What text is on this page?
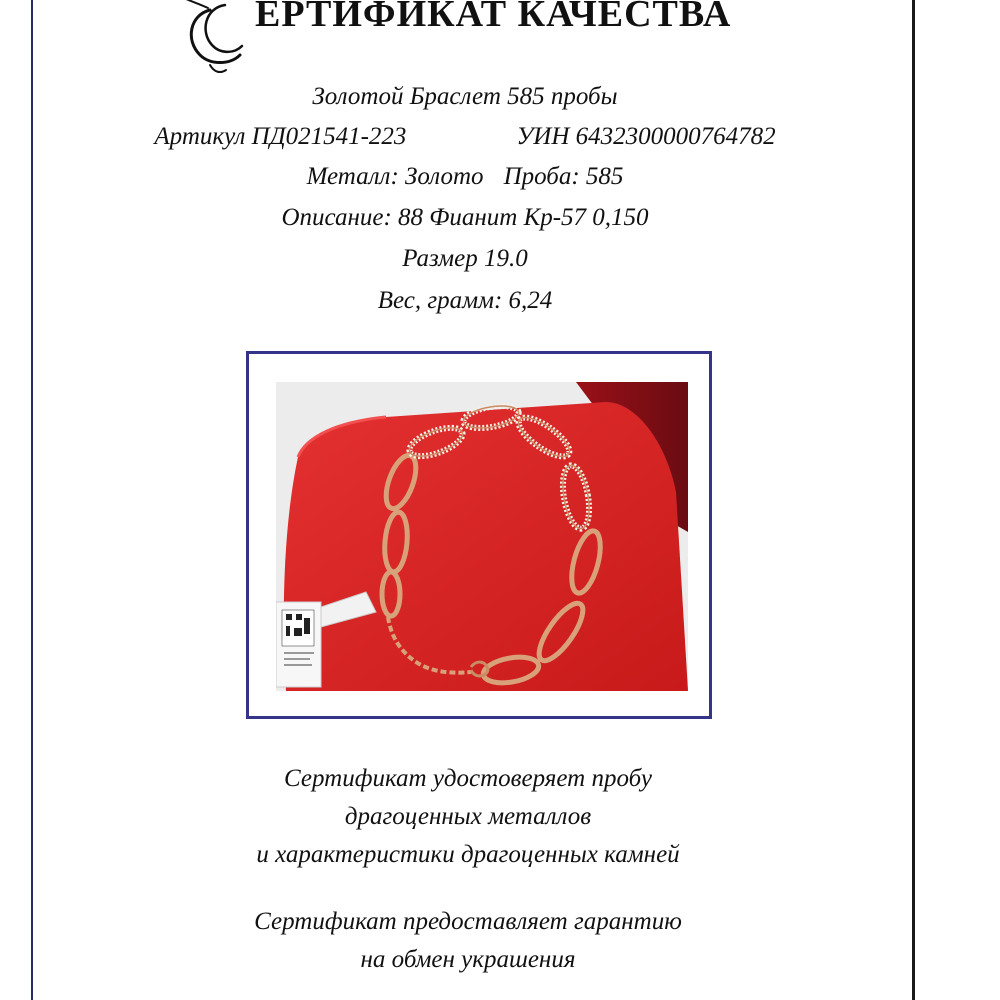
ЕРТИФИКАТ КАЧЕСТВА
Золотой Браслет 585 пробы
Артикул ПД021541-223	УИН 6432300000764782
Металл: Золото Проба: 585
Описание: 88 Фианит Кр-57 0,150
Размер 19.0
Вес, грамм: 6,24
Сертификат удостоверяет пробу
драгоценных металлов
и характеристики драгоценных камней
Сертификат предоставляет гарантию
на обмен украшения
